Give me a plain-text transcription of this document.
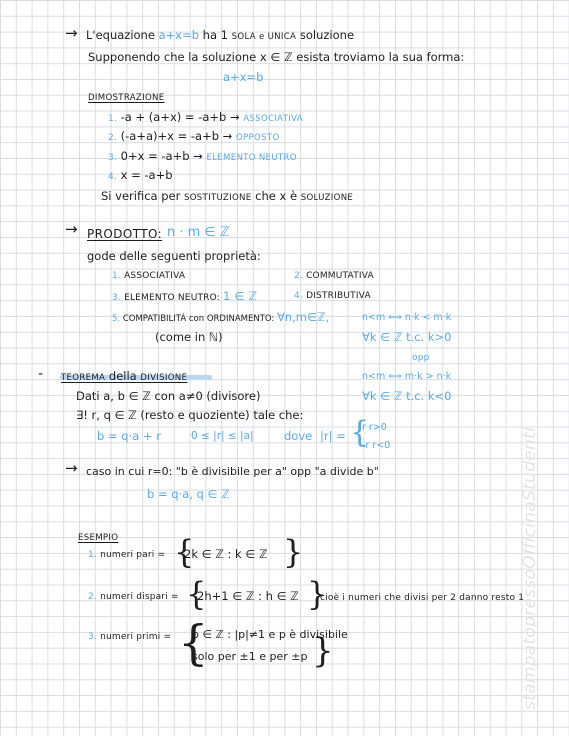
→ L'equazione a+x=b ha 1 SOLA e UNICA soluzione
Supponendo che la soluzione x ∈ ℤ esista troviamo la sua forma:
a+x=b
DIMOSTRAZIONE
1. -a + (a+x) = -a+b → ASSOCIATIVA
2. (-a+a)+x = -a+b → OPPOSTO
3. 0+x = -a+b → ELEMENTO NEUTRO
4. x = -a+b
Si verifica per SOSTITUZIONE che x è SOLUZIONE
→ PRODOTTO: n · m ∈ ℤ
gode delle seguenti proprietà:
1. ASSOCIATIVA	2. COMMUTATIVA
3. ELEMENTO NEUTRO: 1 ∈ ℤ	4. DISTRIBUTIVA
5. COMPATIBILITÀ con ORDINAMENTO: ∀n,m∈ℤ,	n<m ⟺ n·k < m·k
∀k ∈ ℤ t.c. k>0
(come in ℕ)
opp
- TEOREMA della DIVISIONE	n<m ⟺ m·k > n·k
∀k ∈ ℤ t.c. k<0
Dati a, b ∈ ℤ con a≠0 (divisore)
∃! r, q ∈ ℤ (resto e quoziente) tale che:
b = q·a + r	0 ≤ |r| ≤ |a|	dove |r| = {
r r>0
-r r<0
→ caso in cui r=0: "b è divisibile per a" opp "a divide b"
b = q·a, q ∈ ℤ
ESEMPIO
1. numeri pari = {
2k ∈ ℤ : k ∈ ℤ }
2. numeri dispari = {
2h+1 ∈ ℤ : h ∈ ℤ }
cioè i numeri che divisi per 2 danno resto 1
3. numeri primi = {
p ∈ ℤ : |p|≠1 e p è divisibile
solo per ±1 e per ±p }	stampatopressoOfficinaStudenti
